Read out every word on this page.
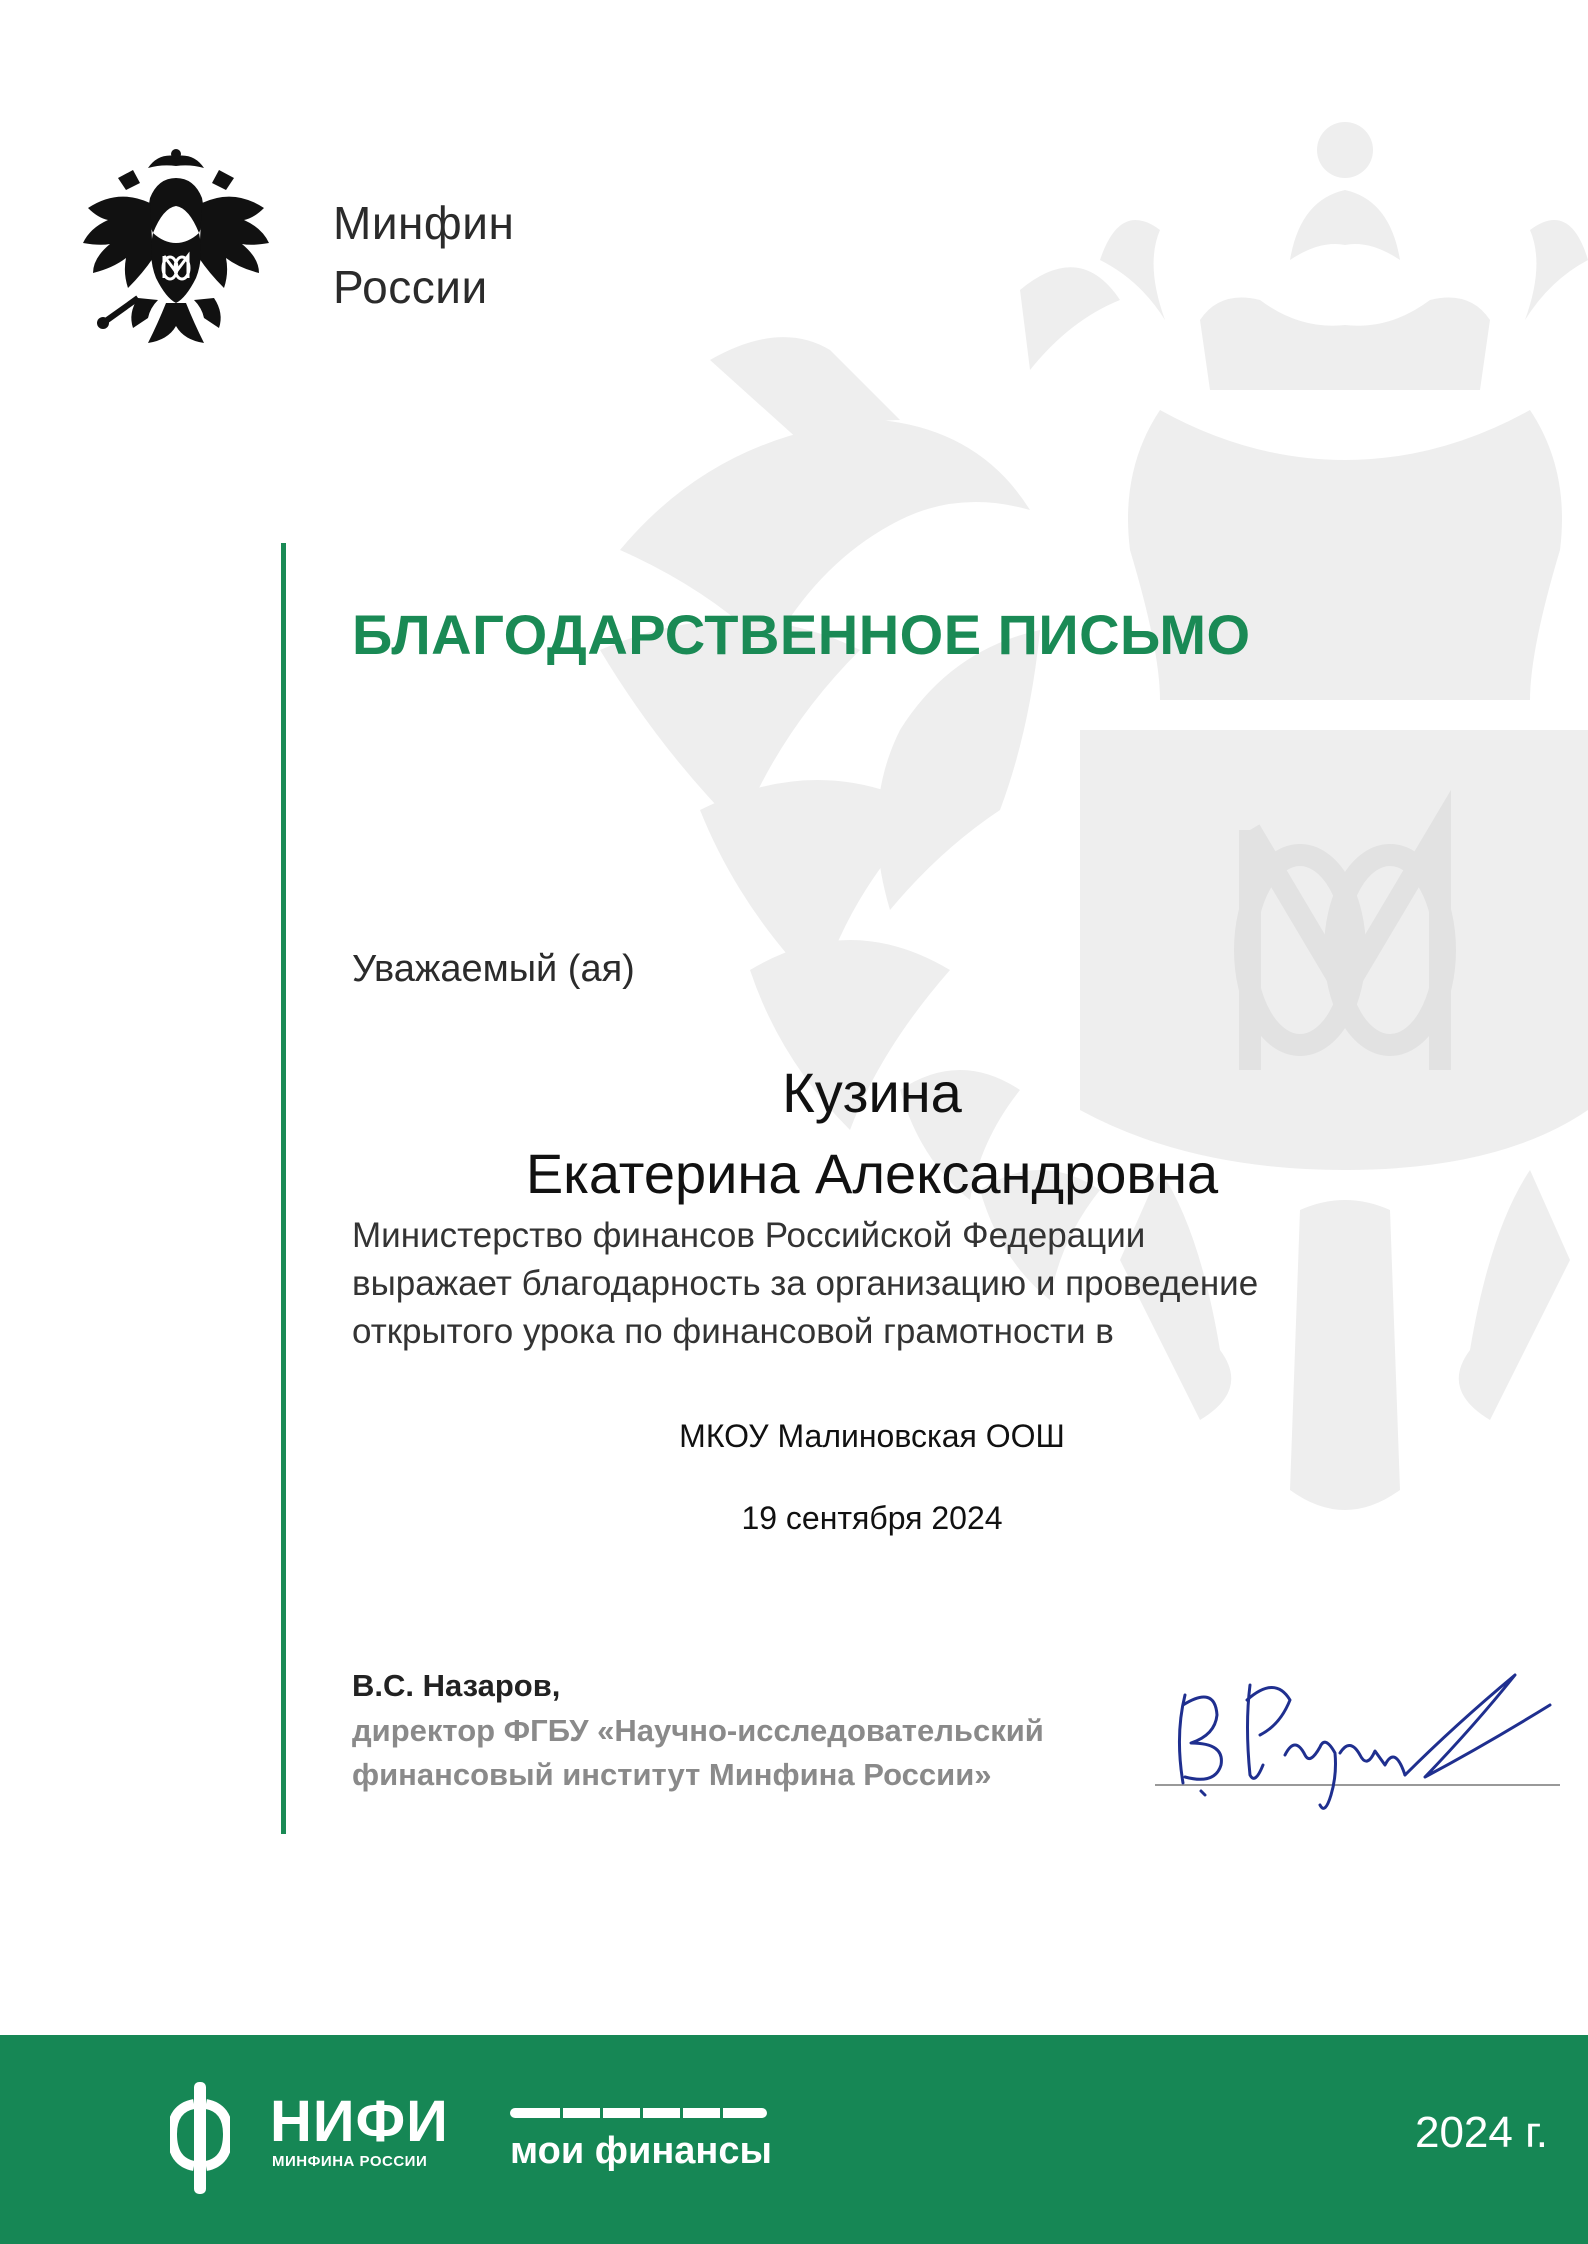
Минфин
России
БЛАГОДАРСТВЕННОЕ ПИСЬМО
Уважаемый (ая)
Кузина
Екатерина Александровна
Министерство финансов Российской Федерации
выражает благодарность за организацию и проведение
открытого урока по финансовой грамотности в
МКОУ Малиновская ООШ
19 сентября 2024
В.С. Назаров,
директор ФГБУ «Научно-исследовательский
финансовый институт Минфина России»
НИФИ
МИНФИНА РОССИИ мои финансы	2024 г.
